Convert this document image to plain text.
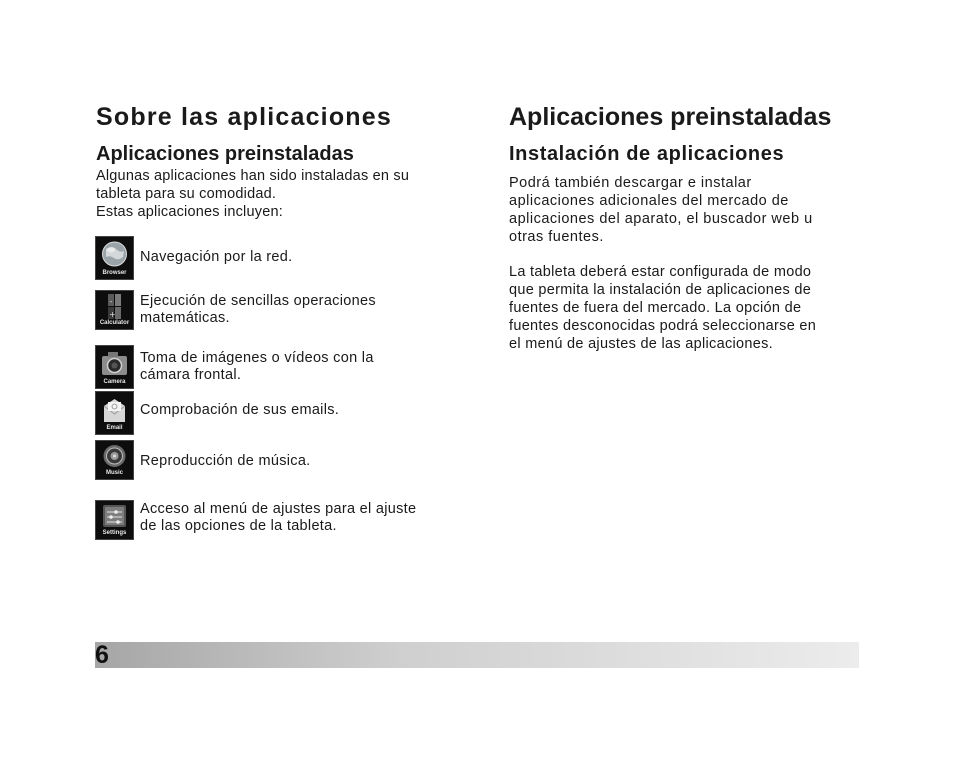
Sobre las aplicaciones
Aplicaciones preinstaladas

Algunas aplicaciones han sido instaladas en su
tableta para su comodidad.
Estas aplicaciones incluyen:

Browser
Navegación por la red.
-
+
Calculator
Ejecución de sencillas operaciones
matemáticas.
Camera
Toma de imágenes o vídeos con la
cámara frontal.
Email
Comprobación de sus emails.
Music
Reproducción de música.
Settings
Acceso al menú de ajustes para el ajuste
de las opciones de la tableta.
Aplicaciones preinstaladas
Instalación de aplicaciones

Podrá también descargar e instalar
aplicaciones adicionales del mercado de
aplicaciones del aparato, el buscador web u
otras fuentes.

La tableta deberá estar configurada de modo
que permita la instalación de aplicaciones de
fuentes de fuera del mercado. La opción de
fuentes desconocidas podrá seleccionarse en
el menú de ajustes de las aplicaciones.

6
